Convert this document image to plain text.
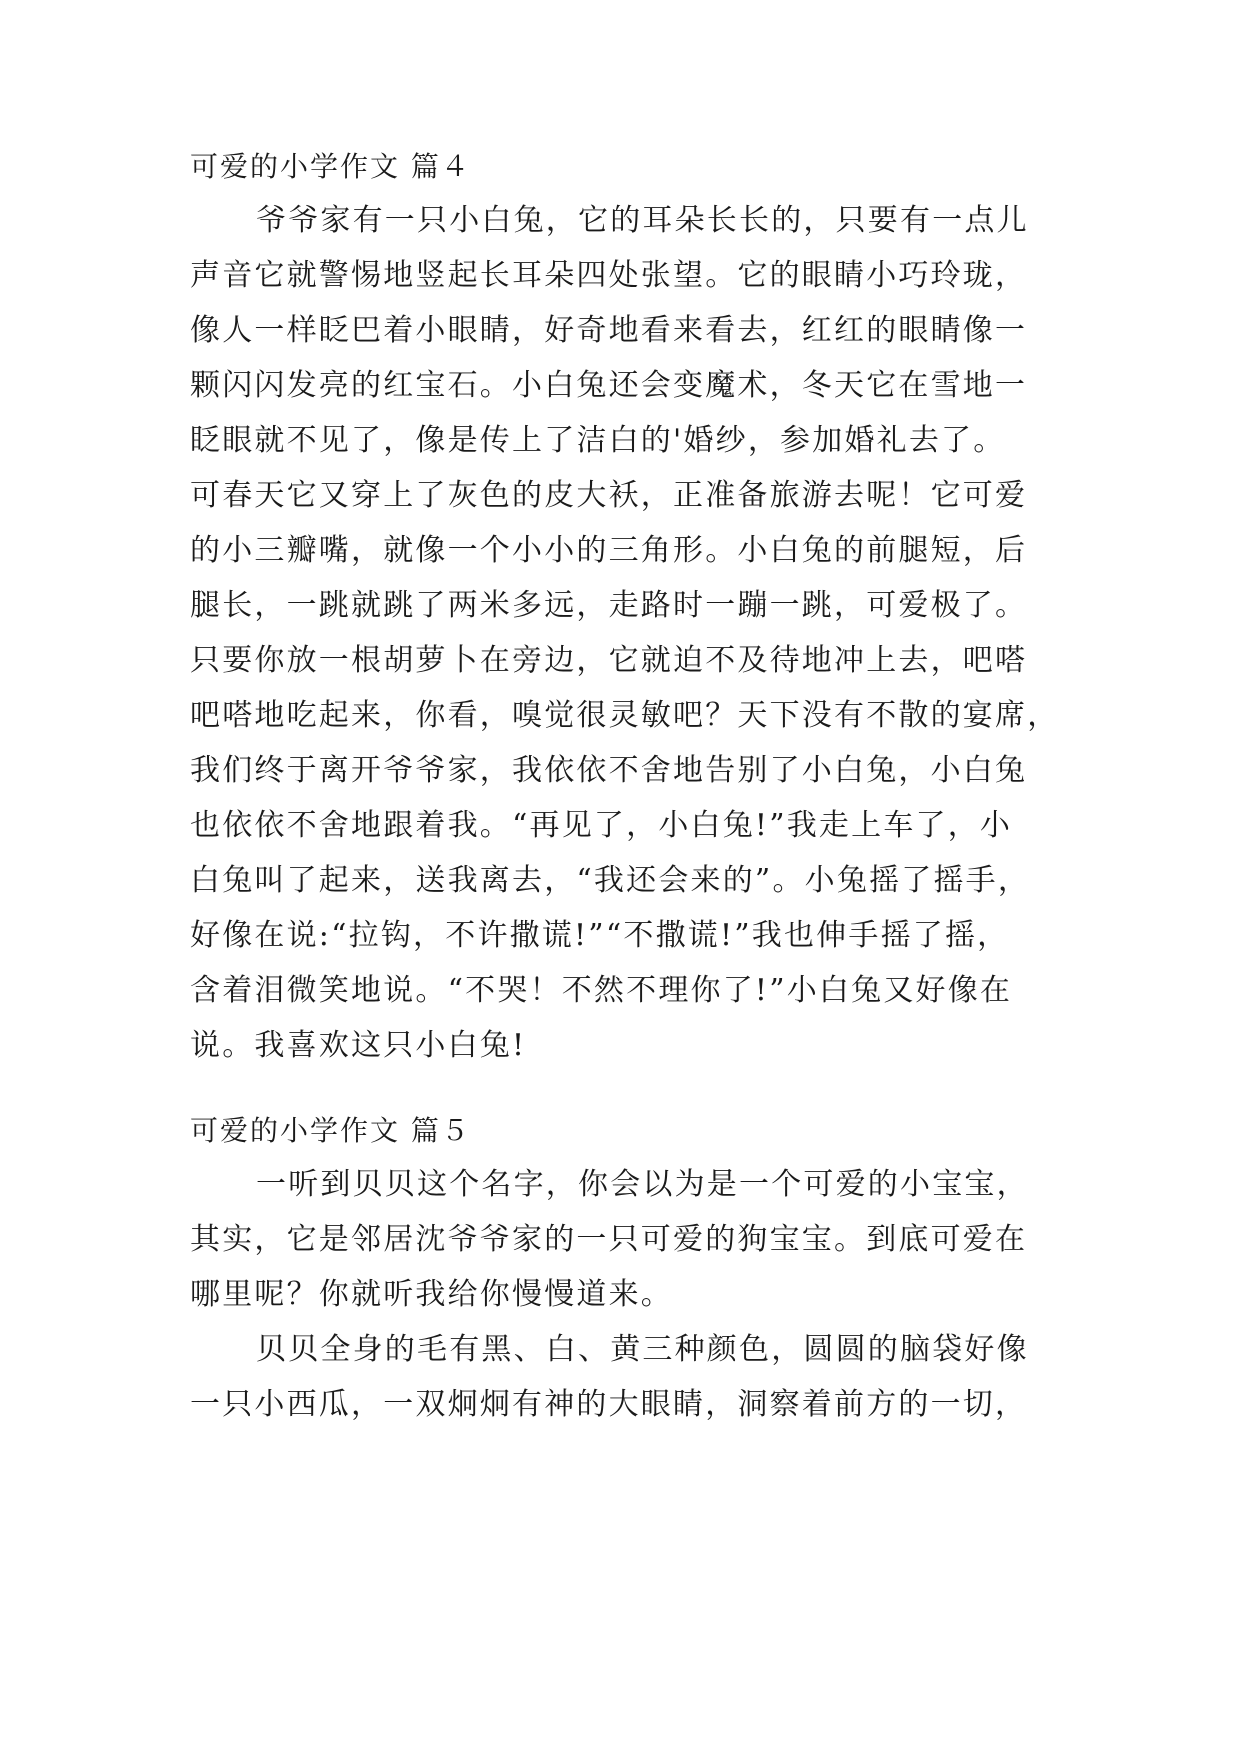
可爱的小学作文 篇４
爷爷家有一只小白兔，它的耳朵长长的，只要有一点儿
声音它就警惕地竖起长耳朵四处张望。它的眼睛小巧玲珑，
像人一样眨巴着小眼睛，好奇地看来看去，红红的眼睛像一
颗闪闪发亮的红宝石。小白兔还会变魔术，冬天它在雪地一
眨眼就不见了，像是传上了洁白的'婚纱，参加婚礼去了。
可春天它又穿上了灰色的皮大袄，正准备旅游去呢！它可爱
的小三瓣嘴，就像一个小小的三角形。小白兔的前腿短，后
腿长，一跳就跳了两米多远，走路时一蹦一跳，可爱极了。
只要你放一根胡萝卜在旁边，它就迫不及待地冲上去，吧嗒
吧嗒地吃起来，你看，嗅觉很灵敏吧？天下没有不散的宴席，
我们终于离开爷爷家，我依依不舍地告别了小白兔，小白兔
也依依不舍地跟着我。“再见了，小白兔!”我走上车了，小
白兔叫了起来，送我离去，“我还会来的”。小兔摇了摇手，
好像在说:“拉钩，不许撒谎!”“不撒谎!”我也伸手摇了摇，
含着泪微笑地说。“不哭！不然不理你了!”小白兔又好像在
说。我喜欢这只小白兔!
可爱的小学作文 篇５
一听到贝贝这个名字，你会以为是一个可爱的小宝宝，
其实，它是邻居沈爷爷家的一只可爱的狗宝宝。到底可爱在
哪里呢？你就听我给你慢慢道来。
贝贝全身的毛有黑、白、黄三种颜色，圆圆的脑袋好像
一只小西瓜，一双炯炯有神的大眼睛，洞察着前方的一切，
